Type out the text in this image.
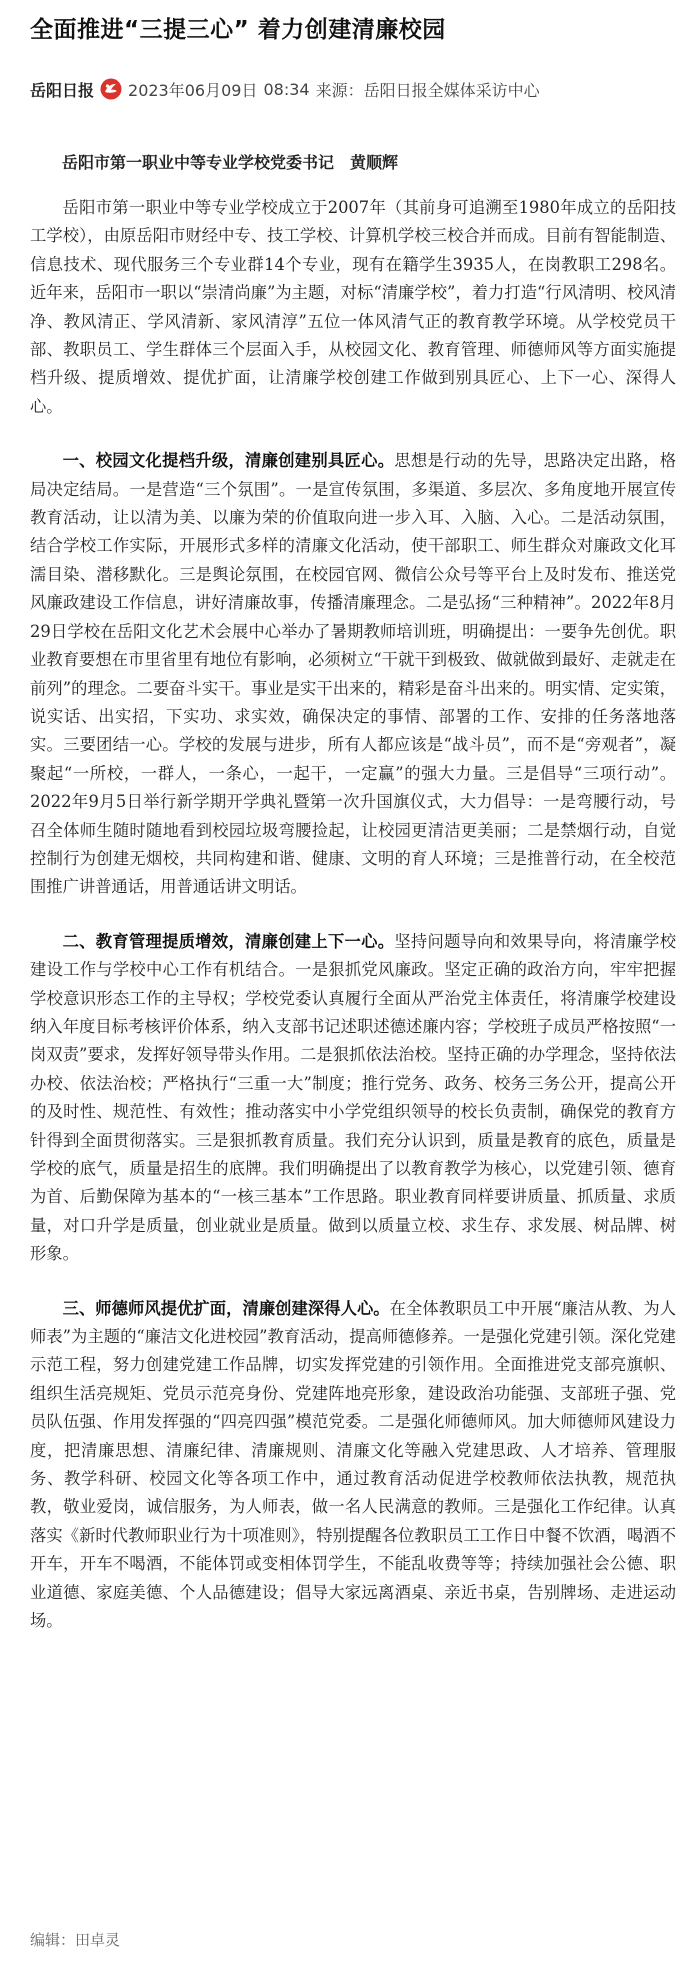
全面推进“三提三心” 着力创建清廉校园
岳阳日报 2023年06月09日 08:34 来源：岳阳日报全媒体采访中心

岳阳市第一职业中等专业学校党委书记　黄顺辉

岳阳市第一职业中等专业学校成立于2007年（其前身可追溯至1980年成立的岳阳技工学校），由原岳阳市财经中专、技工学校、计算机学校三校合并而成。目前有智能制造、信息技术、现代服务三个专业群14个专业，现有在籍学生3935人，在岗教职工298名。近年来，岳阳市一职以“崇清尚廉”为主题，对标“清廉学校”，着力打造“行风清明、校风清净、教风清正、学风清新、家风清淳”五位一体风清气正的教育教学环境。从学校党员干部、教职员工、学生群体三个层面入手，从校园文化、教育管理、师德师风等方面实施提档升级、提质增效、提优扩面，让清廉学校创建工作做到别具匠心、上下一心、深得人心。

一、校园文化提档升级，清廉创建别具匠心。思想是行动的先导，思路决定出路，格局决定结局。一是营造“三个氛围”。一是宣传氛围，多渠道、多层次、多角度地开展宣传教育活动，让以清为美、以廉为荣的价值取向进一步入耳、入脑、入心。二是活动氛围，结合学校工作实际，开展形式多样的清廉文化活动，使干部职工、师生群众对廉政文化耳濡目染、潜移默化。三是舆论氛围，在校园官网、微信公众号等平台上及时发布、推送党风廉政建设工作信息，讲好清廉故事，传播清廉理念。二是弘扬“三种精神”。2022年8月29日学校在岳阳文化艺术会展中心举办了暑期教师培训班，明确提出：一要争先创优。职业教育要想在市里省里有地位有影响，必须树立“干就干到极致、做就做到最好、走就走在前列”的理念。二要奋斗实干。事业是实干出来的，精彩是奋斗出来的。明实情、定实策，说实话、出实招，下实功、求实效，确保决定的事情、部署的工作、安排的任务落地落实。三要团结一心。学校的发展与进步，所有人都应该是“战斗员”，而不是“旁观者”，凝聚起“一所校，一群人，一条心，一起干，一定赢”的强大力量。三是倡导“三项行动”。2022年9月5日举行新学期开学典礼暨第一次升国旗仪式，大力倡导：一是弯腰行动，号召全体师生随时随地看到校园垃圾弯腰捡起，让校园更清洁更美丽；二是禁烟行动，自觉控制行为创建无烟校，共同构建和谐、健康、文明的育人环境；三是推普行动，在全校范围推广讲普通话，用普通话讲文明话。

二、教育管理提质增效，清廉创建上下一心。坚持问题导向和效果导向，将清廉学校建设工作与学校中心工作有机结合。一是狠抓党风廉政。坚定正确的政治方向，牢牢把握学校意识形态工作的主导权；学校党委认真履行全面从严治党主体责任，将清廉学校建设纳入年度目标考核评价体系，纳入支部书记述职述德述廉内容；学校班子成员严格按照“一岗双责”要求，发挥好领导带头作用。二是狠抓依法治校。坚持正确的办学理念，坚持依法办校、依法治校；严格执行“三重一大”制度；推行党务、政务、校务三务公开，提高公开的及时性、规范性、有效性；推动落实中小学党组织领导的校长负责制，确保党的教育方针得到全面贯彻落实。三是狠抓教育质量。我们充分认识到，质量是教育的底色，质量是学校的底气，质量是招生的底牌。我们明确提出了以教育教学为核心，以党建引领、德育为首、后勤保障为基本的“一核三基本”工作思路。职业教育同样要讲质量、抓质量、求质量，对口升学是质量，创业就业是质量。做到以质量立校、求生存、求发展、树品牌、树形象。

三、师德师风提优扩面，清廉创建深得人心。在全体教职员工中开展“廉洁从教、为人师表”为主题的“廉洁文化进校园”教育活动，提高师德修养。一是强化党建引领。深化党建示范工程，努力创建党建工作品牌，切实发挥党建的引领作用。全面推进党支部亮旗帜、组织生活亮规矩、党员示范亮身份、党建阵地亮形象，建设政治功能强、支部班子强、党员队伍强、作用发挥强的“四亮四强”模范党委。二是强化师德师风。加大师德师风建设力度，把清廉思想、清廉纪律、清廉规则、清廉文化等融入党建思政、人才培养、管理服务、教学科研、校园文化等各项工作中，通过教育活动促进学校教师依法执教，规范执教，敬业爱岗，诚信服务，为人师表，做一名人民满意的教师。三是强化工作纪律。认真落实《新时代教师职业行为十项准则》，特别提醒各位教职员工工作日中餐不饮酒，喝酒不开车，开车不喝酒，不能体罚或变相体罚学生，不能乱收费等等；持续加强社会公德、职业道德、家庭美德、个人品德建设；倡导大家远离酒桌、亲近书桌，告别牌场、走进运动场。

编辑：田卓灵
